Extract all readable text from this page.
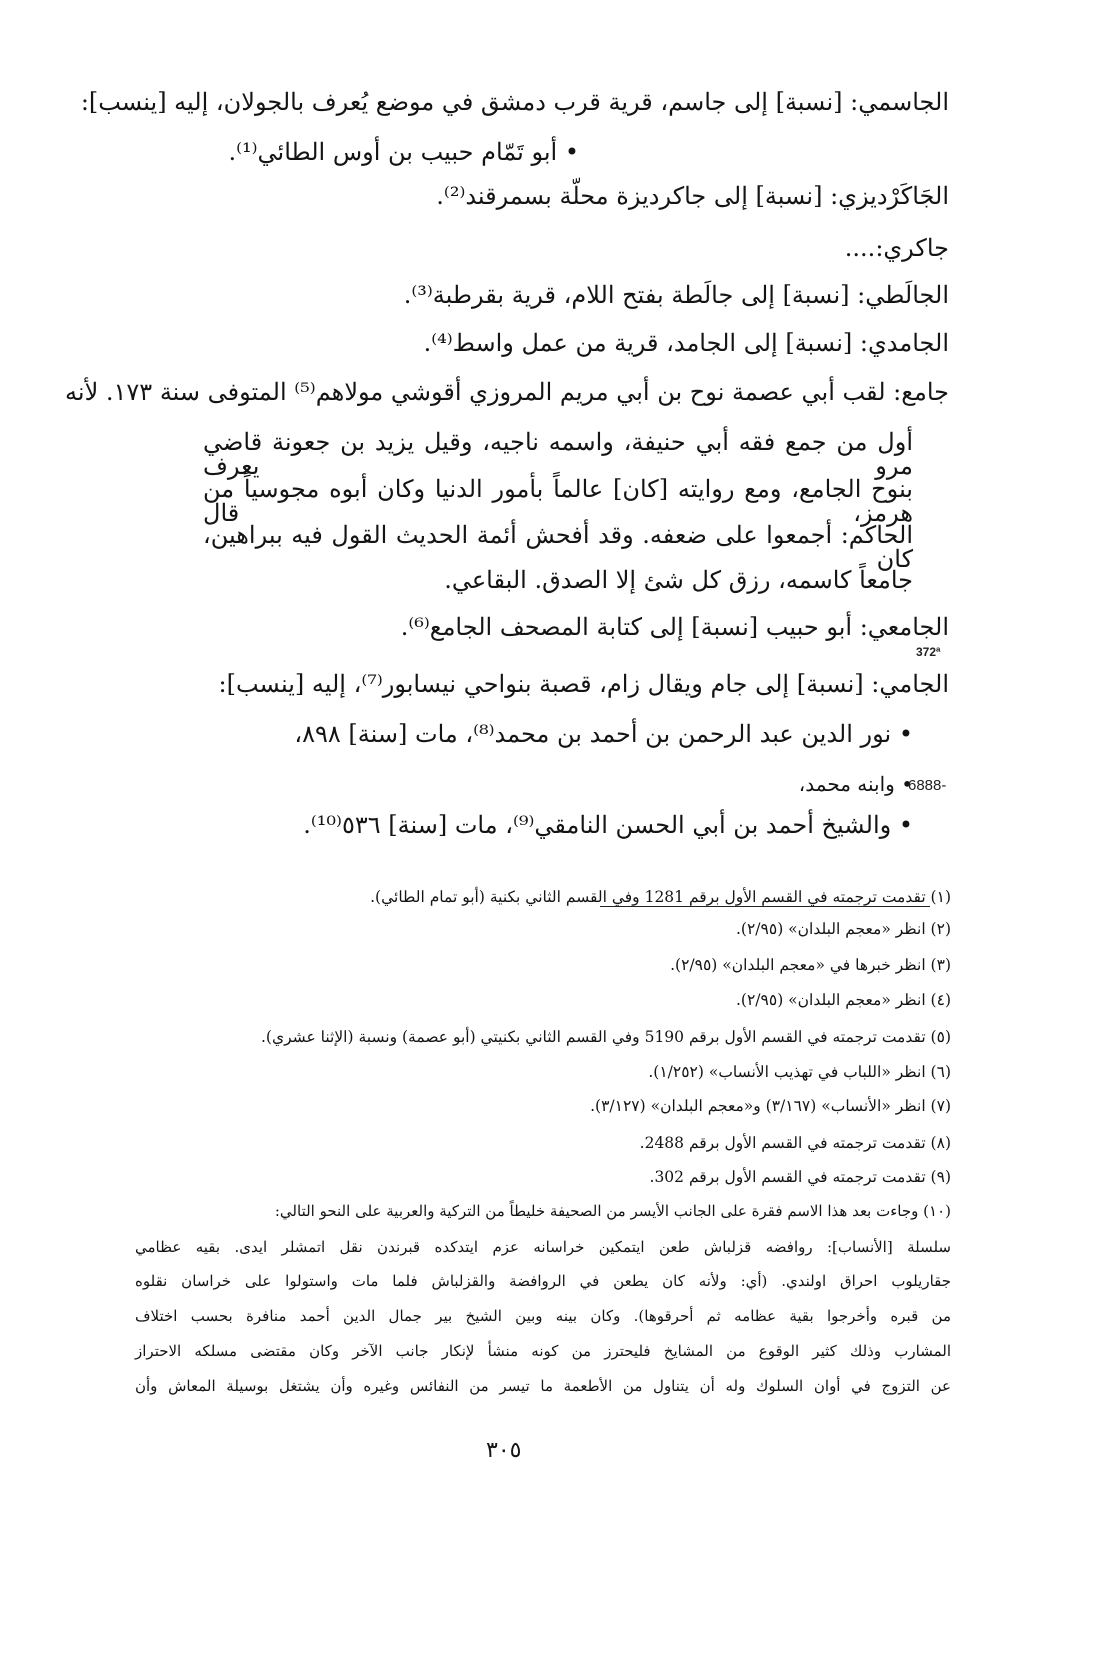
الجاسمي: [نسبة] إلى جاسم، قرية قرب دمشق في موضع يُعرف بالجولان، إليه [ينسب]:

• أبو تَمّام حبيب بن أوس الطائي⁽¹⁾.

الجَاكَرْديزي: [نسبة] إلى جاكرديزة محلّة بسمرقند⁽²⁾.

جاكري:....

الجالَطي: [نسبة] إلى جالَطة بفتح اللام، قرية بقرطبة⁽³⁾.

الجامدي: [نسبة] إلى الجامد، قرية من عمل واسط⁽⁴⁾.

جامع: لقب أبي عصمة نوح بن أبي مريم المروزي أقوشي مولاهم⁽⁵⁾ المتوفى سنة ١٧٣. لأنه

أول من جمع فقه أبي حنيفة، واسمه ناجيه، وقيل يزيد بن جعونة قاضي مرو يعرف

بنوح الجامع، ومع روايته [كان] عالماً بأمور الدنيا وكان أبوه مجوسياً من هرمز، قال

الحاكم: أجمعوا على ضعفه. وقد أفحش أئمة الحديث القول فيه ببراهين، كان

جامعاً كاسمه، رزق كل شئ إلا الصدق. البقاعي.

الجامعي: أبو حبيب [نسبة] إلى كتابة المصحف الجامع⁽⁶⁾.

372ª

الجامي: [نسبة] إلى جام ويقال زام، قصبة بنواحي نيسابور⁽⁷⁾، إليه [ينسب]:

• نور الدين عبد الرحمن بن أحمد بن محمد⁽⁸⁾، مات [سنة] ٨٩٨،

• وابنه محمد،

6888-

• والشيخ أحمد بن أبي الحسن النامقي⁽⁹⁾، مات [سنة] ٥٣٦⁽¹⁰⁾.

(١) تقدمت ترجمته في القسم الأول برقم 1281 وفي القسم الثاني بكنية (أبو تمام الطائي).

(٢) انظر «معجم البلدان» (٢/٩٥).

(٣) انظر خبرها في «معجم البلدان» (٢/٩٥).

(٤) انظر «معجم البلدان» (٢/٩٥).

(٥) تقدمت ترجمته في القسم الأول برقم 5190 وفي القسم الثاني بكنيتي (أبو عصمة) ونسبة (الإثنا عشري).

(٦) انظر «اللباب في تهذيب الأنساب» (١/٢٥٢).

(٧) انظر «الأنساب» (٣/١٦٧) و«معجم البلدان» (٣/١٢٧).

(٨) تقدمت ترجمته في القسم الأول برقم 2488.

(٩) تقدمت ترجمته في القسم الأول برقم 302.

(١٠) وجاءت بعد هذا الاسم فقرة على الجانب الأيسر من الصحيفة خليطاً من التركية والعربية على النحو التالي:

سلسلة [الأنساب]: روافضه قزلباش طعن ايتمكين خراسانه عزم ايتدكده قبرندن نقل اتمشلر ايدى. بقيه عظامي

جقاريلوب احراق اولندي. (أي: ولأنه كان يطعن في الروافضة والقزلباش فلما مات واستولوا على خراسان نقلوه

من قبره وأخرجوا بقية عظامه ثم أحرقوها). وكان بينه وبين الشيخ بير جمال الدين أحمد منافرة بحسب اختلاف

المشارب وذلك كثير الوقوع من المشايخ فليحترز من كونه منشأ لإنكار جانب الآخر وكان مقتضى مسلكه الاحتراز

عن التزوج في أوان السلوك وله أن يتناول من الأطعمة ما تيسر من النفائس وغيره وأن يشتغل بوسيلة المعاش وأن

٣٠٥
